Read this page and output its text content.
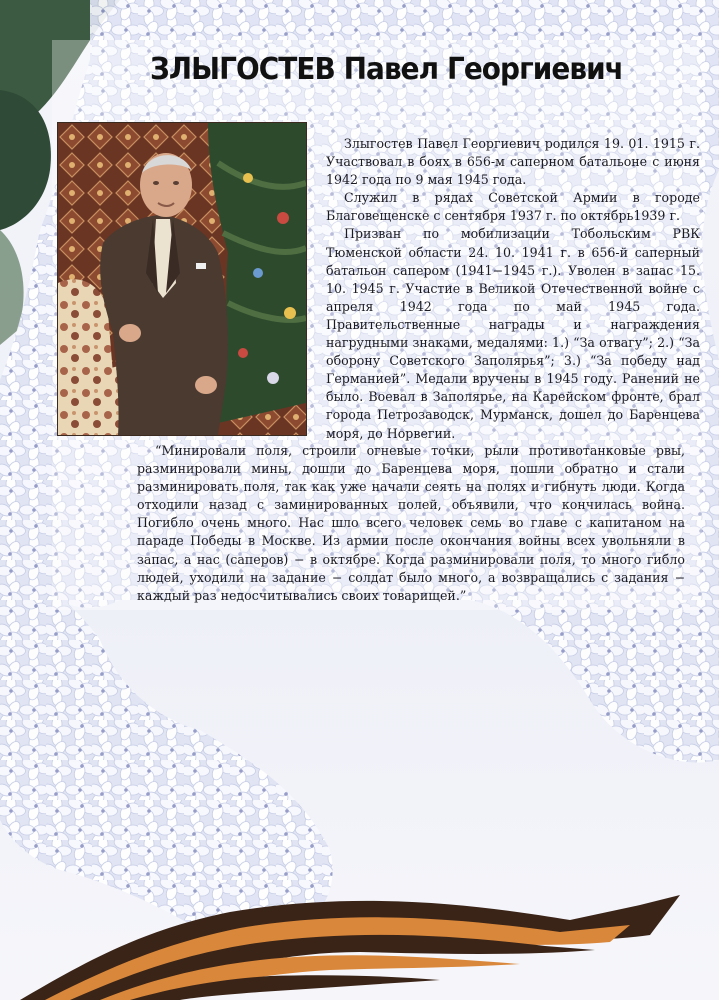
ЗЛЫГОСТЕВ Павел Георгиевич

Злыгостев Павел Георгиевич родился 19. 01. 1915 г. Участвовал в боях в 656-м саперном батальоне с июня 1942 года по 9 мая 1945 года.

Служил в рядах Советской Армии в городе Благовещенске с сентября 1937 г. по октябрь1939 г.

Призван по мобилизации Тобольским РВК Тюменской области 24. 10. 1941 г. в 656-й саперный батальон сапером (1941−1945 г.). Уволен в запас 15. 10. 1945 г. Участие в Великой Отечественной войне с апреля 1942 года по май 1945 года. Правительственные награды и награждения нагрудными знаками, медалями: 1.) “За отвагу”; 2.) “За оборону Советского Заполярья”; 3.) “За победу над Германией”. Медали вручены в 1945 году. Ранений не было. Воевал в Заполярье, на Карейском фронте, брал города Петрозаводск, Мурманск, дошел до Баренцева моря, до Норвегии.

“Минировали поля, строили огневые точки, рыли противотанковые рвы, разминировали мины, дошли до Баренцева моря, пошли обратно и стали разминировать поля, так как уже начали сеять на полях и гибнуть люди. Когда отходили назад с заминированных полей, объявили, что кончилась война. Погибло очень много. Нас шло всего человек семь во главе с капитаном на параде Победы в Москве. Из армии после окончания войны всех увольняли в запас, а нас (саперов) − в октябре. Когда разминировали поля, то много гибло людей, уходили на задание − солдат было много, а возвращались с задания − каждый раз недосчитывались своих товарищей.”
